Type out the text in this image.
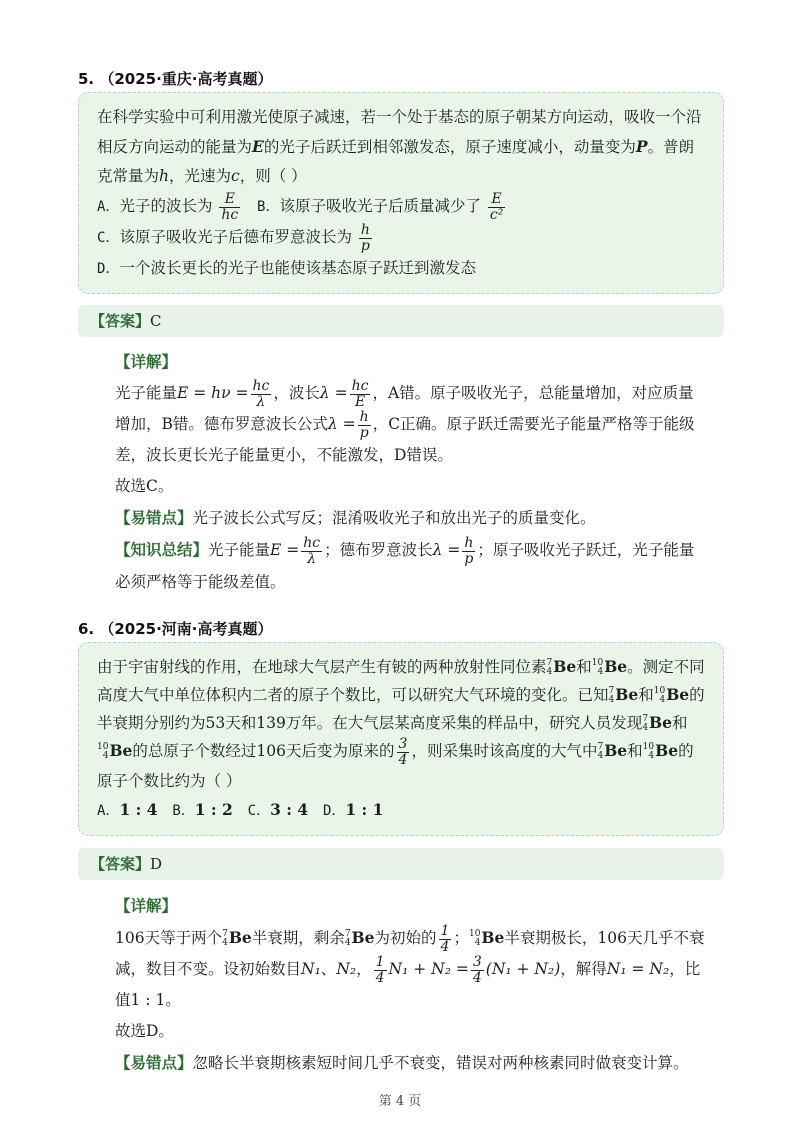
5. （2025·重庆·高考真题）
在科学实验中可利用激光使原子减速，若一个处于基态的原子朝某方向运动，吸收一个沿相反方向运动的能量为E的光子后跃迁到相邻激发态，原子速度减小，动量变为P。普朗克常量为h，光速为c，则（ ）
A．光子的波长为 $\frac{E}{hc}$ B．该原子吸收光子后质量减少了 $\frac{E}{\text{c²}}$
C．该原子吸收光子后德布罗意波长为 $\frac{h}{p}$
D．一个波长更长的光子也能使该基态原子跃迁到激发态
【答案】C

【详解】

光子能量$E = h\nu = \frac{hc}{\lambda}$ ，波长$\lambda = \frac{hc}{E}$ ，A错。原子吸收光子，总能量增加，对应质量增加，B错。德布罗意波长公式$\lambda = \frac{h}{p}$ ，C正确。原子跃迁需要光子能量严格等于能级差，波长更长光子能量更小，不能激发，D错误。

故选C。

【易错点】光子波长公式写反；混淆吸收光子和放出光子的质量变化。

【知识总结】光子能量$E = \frac{hc}{\lambda}$ ；德布罗意波长$\lambda = \frac{h}{p}$ ；原子吸收光子跃迁，光子能量必须严格等于能级差值。

6. （2025·河南·高考真题）
由于宇宙射线的作用，在地球大气层产生有铍的两种放射性同位素 7
4 Be和 10
4 Be。测定不同高度大气中单位体积内二者的原子个数比，可以研究大气环境的变化。已知 7
4 Be和 10
4 Be的半衰期分别约为53天和139万年。在大气层某高度采集的样品中，研究人员发现 7
4 Be和
10
4 Be的总原子个数经过106天后变为原来的 $\frac{3}{4}$ ，则采集时该高度的大气中 7
4 Be和 10
4 Be的原子个数比约为（ ）
A．1 : 4 B．1 : 2 C．3 : 4 D．1 : 1
【答案】D

【详解】

106天等于两个 7
4 Be半衰期，剩余 7
4 Be为初始的 $\frac{1}{4}$ ； 10
4 Be半衰期极长，106天几乎不衰减，数目不变。设初始数目N₁、N₂， $\frac{1}{4} N_1 + N_2 = \frac{3}{4} (N_1 + N_2)$，解得N₁ = N₂，比值1 : 1。

故选D。

【易错点】忽略长半衰期核素短时间几乎不衰变，错误对两种核素同时做衰变计算。

第 4 页
